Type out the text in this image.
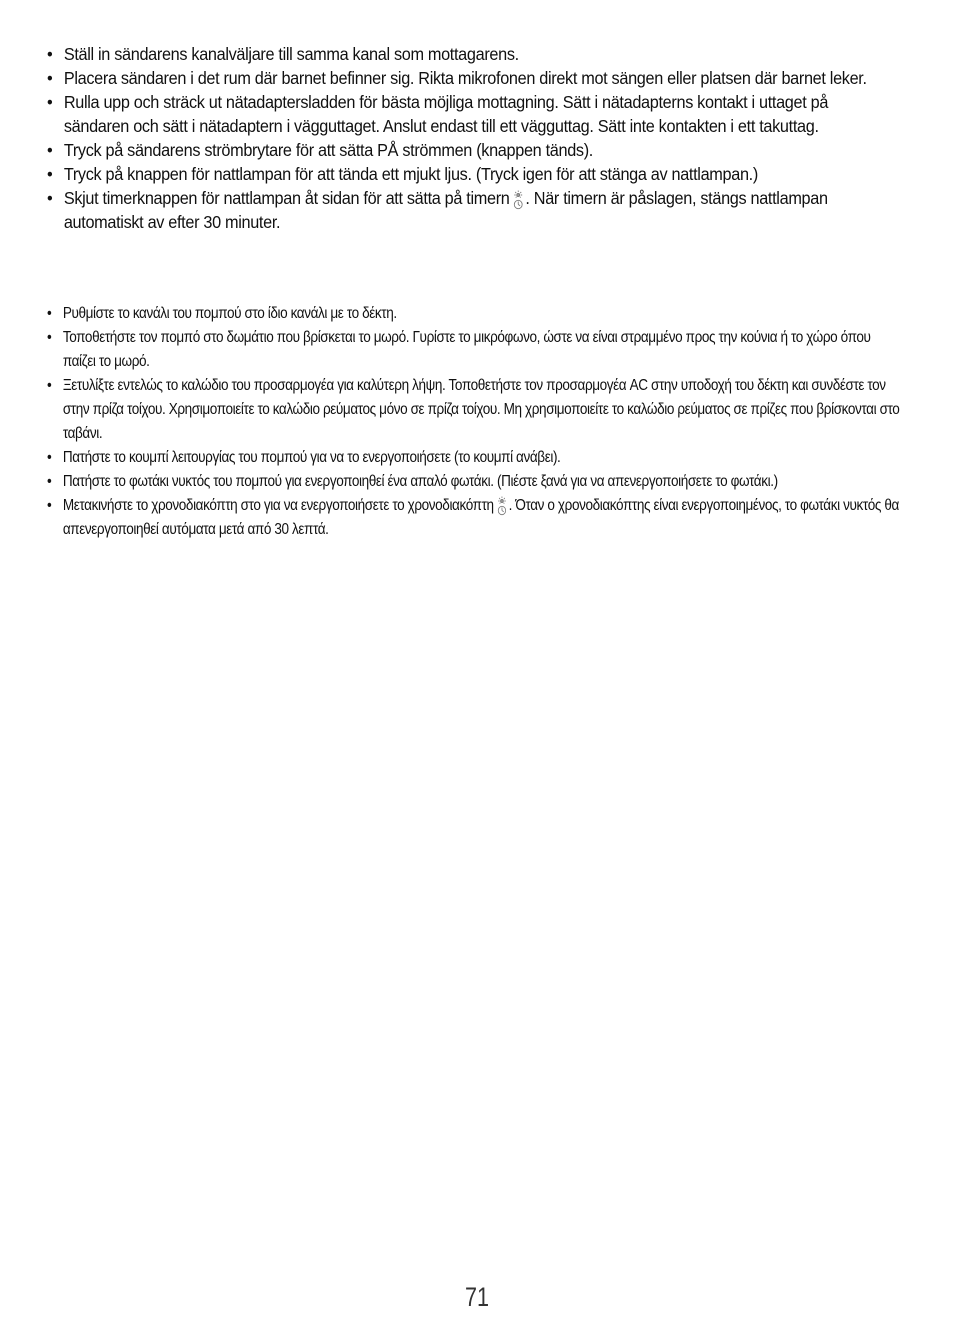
• Ställ in sändarens kanalväljare till samma kanal som mottagarens.
• Placera sändaren i det rum där barnet befinner sig. Rikta mikrofonen direkt mot sängen eller platsen där barnet leker.
• Rulla upp och sträck ut nätadaptersladden för bästa möjliga mottagning. Sätt i nätadapterns kontakt i uttaget på sändaren och sätt i nätadaptern i vägguttaget. Anslut endast till ett vägguttag. Sätt inte kontakten i ett takuttag.
• Tryck på sändarens strömbrytare för att sätta PÅ strömmen (knappen tänds).
• Tryck på knappen för nattlampan för att tända ett mjukt ljus. (Tryck igen för att stänga av nattlampan.)
• Skjut timerknappen för nattlampan åt sidan för att sätta på timern . När timern är påslagen, stängs nattlampan automatiskt av efter 30 minuter.
• Ρυθμίστε το κανάλι του πομπού στο ίδιο κανάλι με το δέκτη.
• Τοποθετήστε τον πομπό στο δωμάτιο που βρίσκεται το μωρό. Γυρίστε το μικρόφωνο, ώστε να είναι στραμμένο προς την κούνια ή το χώρο όπου παίζει το μωρό.
• Ξετυλίξτε εντελώς το καλώδιο του προσαρμογέα για καλύτερη λήψη. Τοποθετήστε τον προσαρμογέα AC στην υποδοχή του δέκτη και συνδέστε τον στην πρίζα τοίχου. Χρησιμοποιείτε το καλώδιο ρεύματος μόνο σε πρίζα τοίχου. Μη χρησιμοποιείτε το καλώδιο ρεύματος σε πρίζες που βρίσκονται στο ταβάνι.
• Πατήστε το κουμπί λειτουργίας του πομπού για να το ενεργοποιήσετε (το κουμπί ανάβει).
• Πατήστε το φωτάκι νυκτός του πομπού για ενεργοποιηθεί ένα απαλό φωτάκι. (Πιέστε ξανά για να απενεργοποιήσετε το φωτάκι.)
• Μετακινήστε το χρονοδιακόπτη στο για να ενεργοποιήσετε το χρονοδιακόπτη . Όταν ο χρονοδιακόπτης είναι ενεργοποιημένος, το φωτάκι νυκτός θα απενεργοποιηθεί αυτόματα μετά από 30 λεπτά.
71
